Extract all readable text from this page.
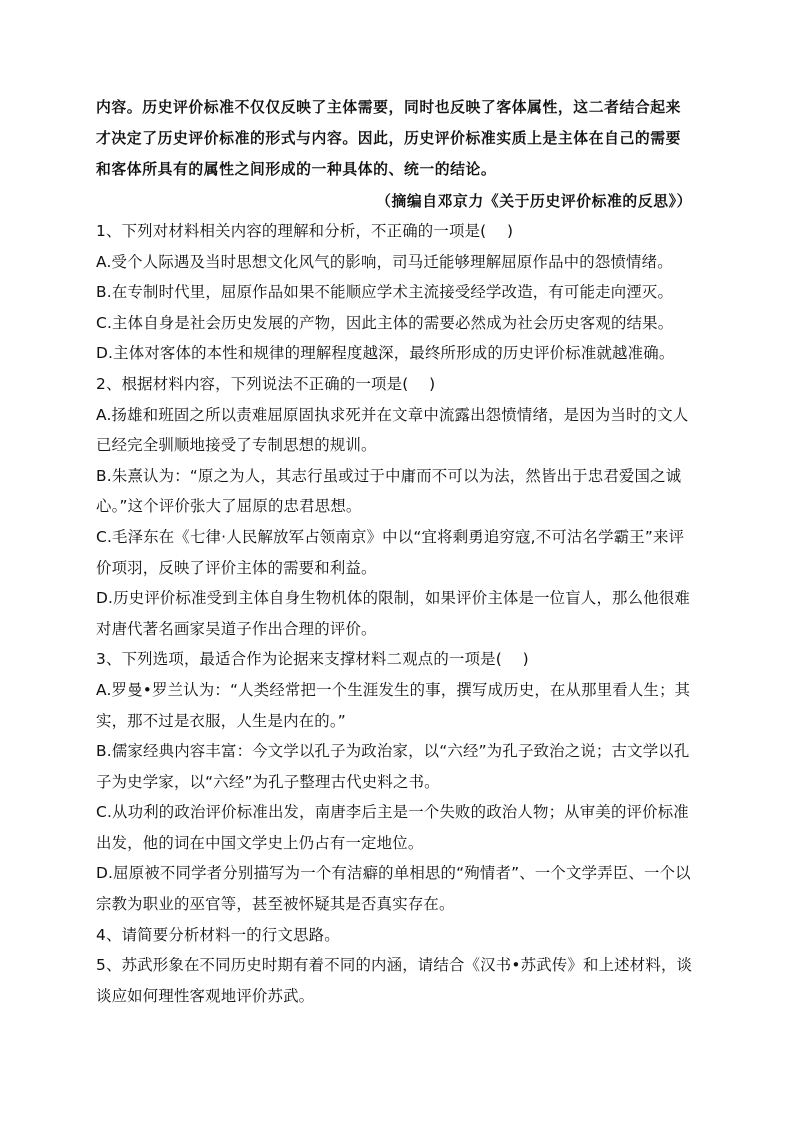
内容。历史评价标准不仅仅反映了主体需要，同时也反映了客体属性，这二者结合起来才决定了历史评价标准的形式与内容。因此，历史评价标准实质上是主体在自己的需要和客体所具有的属性之间形成的一种具体的、统一的结论。

（摘编自邓京力《关于历史评价标准的反思》）

1、下列对材料相关内容的理解和分析，不正确的一项是(　 )

A.受个人际遇及当时思想文化风气的影响，司马迁能够理解屈原作品中的怨愤情绪。

B.在专制时代里，屈原作品如果不能顺应学术主流接受经学改造，有可能走向湮灭。

C.主体自身是社会历史发展的产物，因此主体的需要必然成为社会历史客观的结果。

D.主体对客体的本性和规律的理解程度越深，最终所形成的历史评价标准就越准确。

2、根据材料内容，下列说法不正确的一项是(　 )

A.扬雄和班固之所以责难屈原固执求死并在文章中流露出怨愤情绪，是因为当时的文人已经完全驯顺地接受了专制思想的规训。

B.朱熹认为：“原之为人，其志行虽或过于中庸而不可以为法，然皆出于忠君爱国之诚心。”这个评价张大了屈原的忠君思想。

C.毛泽东在《七律·人民解放军占领南京》中以“宜将剩勇追穷寇,不可沽名学霸王”来评价项羽，反映了评价主体的需要和利益。

D.历史评价标准受到主体自身生物机体的限制，如果评价主体是一位盲人，那么他很难对唐代著名画家吴道子作出合理的评价。

3、下列选项，最适合作为论据来支撑材料二观点的一项是(　 )

A.罗曼•罗兰认为：“人类经常把一个生涯发生的事，撰写成历史，在从那里看人生；其实，那不过是衣服，人生是内在的。”

B.儒家经典内容丰富：今文学以孔子为政治家，以“六经”为孔子致治之说；古文学以孔子为史学家，以“六经”为孔子整理古代史料之书。

C.从功利的政治评价标准出发，南唐李后主是一个失败的政治人物；从审美的评价标准出发，他的词在中国文学史上仍占有一定地位。

D.屈原被不同学者分别描写为一个有洁癖的单相思的“殉情者”、一个文学弄臣、一个以宗教为职业的巫官等，甚至被怀疑其是否真实存在。

4、请简要分析材料一的行文思路。

5、苏武形象在不同历史时期有着不同的内涵，请结合《汉书•苏武传》和上述材料，谈谈应如何理性客观地评价苏武。
